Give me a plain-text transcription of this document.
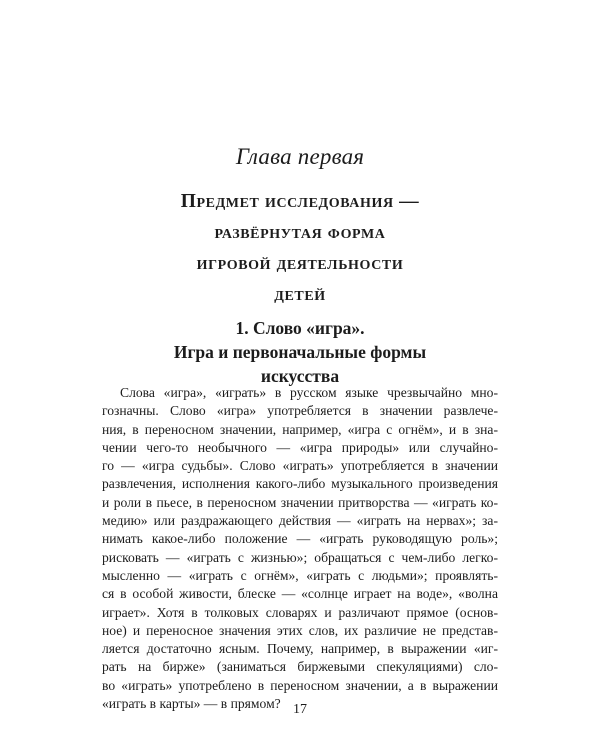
Глава первая
Предмет исследования —
развёрнутая форма
игровой деятельности
детей
1. Слово «игра».
Игра и первоначальные формы
искусства
Слова «игра», «играть» в русском языке чрезвычайно мно-
гозначны. Слово «игра» употребляется в значении развлече-
ния, в переносном значении, например, «игра с огнём», и в зна-
чении чего-то необычного — «игра природы» или случайно-
го — «игра судьбы». Слово «играть» употребляется в значении
развлечения, исполнения какого-либо музыкального произведения
и роли в пьесе, в переносном значении притворства — «играть ко-
медию» или раздражающего действия — «играть на нервах»; за-
нимать какое-либо положение — «играть руководящую роль»;
рисковать — «играть с жизнью»; обращаться с чем-либо легко-
мысленно — «играть с огнём», «играть с людьми»; проявлять-
ся в особой живости, блеске — «солнце играет на воде», «волна
играет». Хотя в толковых словарях и различают прямое (основ-
ное) и переносное значения этих слов, их различие не представ-
ляется достаточно ясным. Почему, например, в выражении «иг-
рать на бирже» (заниматься биржевыми спекуляциями) сло-
во «играть» употреблено в переносном значении, а в выражении
«играть в карты» — в прямом? 17
